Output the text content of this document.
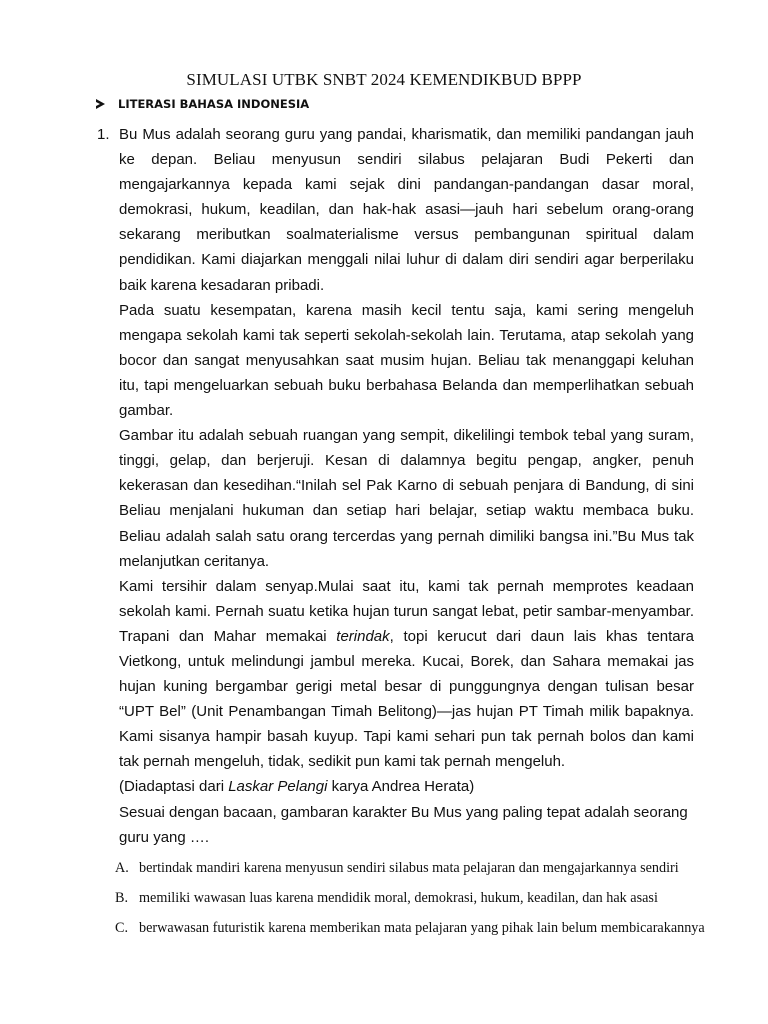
SIMULASI UTBK SNBT 2024 KEMENDIKBUD BPPP
LITERASI BAHASA INDONESIA
1. Bu Mus adalah seorang guru yang pandai, kharismatik, dan memiliki pandangan jauh ke depan. Beliau menyusun sendiri silabus pelajaran Budi Pekerti dan mengajarkannya kepada kami sejak dini pandangan-pandangan dasar moral, demokrasi, hukum, keadilan, dan hak-hak asasi—jauh hari sebelum orang-orang sekarang meributkan soalmaterialisme versus pembangunan spiritual dalam pendidikan. Kami diajarkan menggali nilai luhur di dalam diri sendiri agar berperilaku baik karena kesadaran pribadi.

Pada suatu kesempatan, karena masih kecil tentu saja, kami sering mengeluh mengapa sekolah kami tak seperti sekolah-sekolah lain. Terutama, atap sekolah yang bocor dan sangat menyusahkan saat musim hujan. Beliau tak menanggapi keluhan itu, tapi mengeluarkan sebuah buku berbahasa Belanda dan memperlihatkan sebuah gambar.

Gambar itu adalah sebuah ruangan yang sempit, dikelilingi tembok tebal yang suram, tinggi, gelap, dan berjeruji. Kesan di dalamnya begitu pengap, angker, penuh kekerasan dan kesedihan.“Inilah sel Pak Karno di sebuah penjara di Bandung, di sini Beliau menjalani hukuman dan setiap hari belajar, setiap waktu membaca buku. Beliau adalah salah satu orang tercerdas yang pernah dimiliki bangsa ini.”Bu Mus tak melanjutkan ceritanya.

Kami tersihir dalam senyap.Mulai saat itu, kami tak pernah memprotes keadaan sekolah kami. Pernah suatu ketika hujan turun sangat lebat, petir sambar-menyambar. Trapani dan Mahar memakai terindak, topi kerucut dari daun lais khas tentara Vietkong, untuk melindungi jambul mereka. Kucai, Borek, dan Sahara memakai jas hujan kuning bergambar gerigi metal besar di punggungnya dengan tulisan besar “UPT Bel” (Unit Penambangan Timah Belitong)—jas hujan PT Timah milik bapaknya. Kami sisanya hampir basah kuyup. Tapi kami sehari pun tak pernah bolos dan kami tak pernah mengeluh, tidak, sedikit pun kami tak pernah mengeluh.

(Diadaptasi dari Laskar Pelangi karya Andrea Herata)

Sesuai dengan bacaan, gambaran karakter Bu Mus yang paling tepat adalah seorang guru yang ….

A. bertindak mandiri karena menyusun sendiri silabus mata pelajaran dan mengajarkannya sendiri
B. memiliki wawasan luas karena mendidik moral, demokrasi, hukum, keadilan, dan hak asasi
C. berwawasan futuristik karena memberikan mata pelajaran yang pihak lain belum membicarakannya
